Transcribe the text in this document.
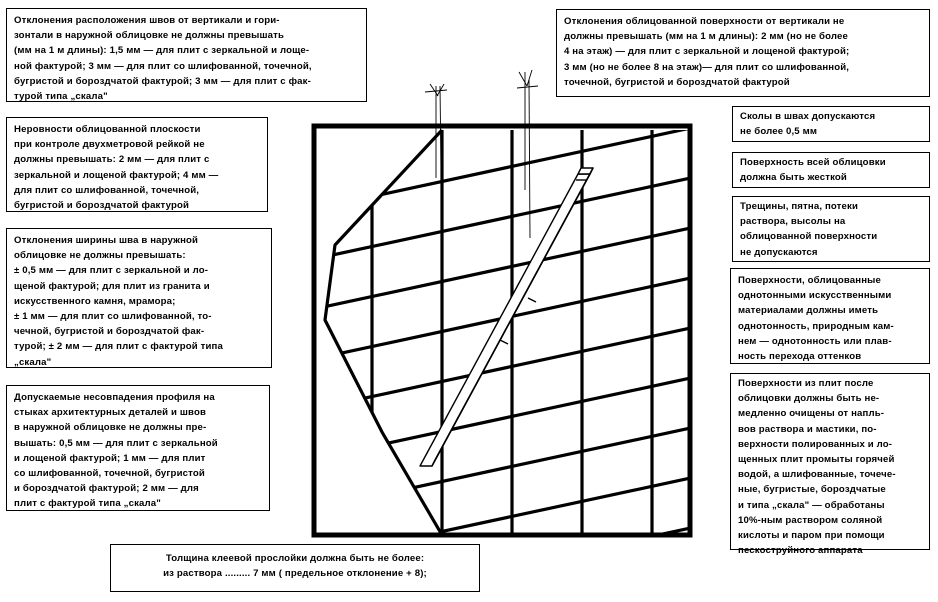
Отклонения расположения швов от вертикали и гори-
зонтали в наружной облицовке не должны превышать
(мм на 1 м длины): 1,5 мм — для плит с зеркальной и лоще-
ной фактурой; 3 мм — для плит со шлифованной, точечной,
бугристой и бороздчатой фактурой; 3 мм — для плит с фак-
турой типа „скала"
Неровности облицованной плоскости
при контроле двухметровой рейкой не
должны превышать: 2 мм — для плит с
зеркальной и лощеной фактурой; 4 мм —
для плит со шлифованной, точечной,
бугристой и бороздчатой фактурой
Отклонения ширины шва в наружной
облицовке не должны превышать:
± 0,5 мм — для плит с зеркальной и ло-
щеной фактурой; для плит из гранита и
искусственного камня, мрамора;
± 1 мм — для плит со шлифованной, то-
чечной, бугристой и бороздчатой фак-
турой; ± 2 мм — для плит с фактурой типа
„скала"
Допускаемые несовпадения профиля на
стыках архитектурных деталей и швов
в наружной облицовке не должны пре-
вышать: 0,5 мм — для плит с зеркальной
и лощеной фактурой; 1 мм — для плит
со шлифованной, точечной, бугристой
и бороздчатой фактурой; 2 мм — для
плит с фактурой типа „скала"
Толщина клеевой прослойки должна быть не более:
из раствора ......... 7 мм ( предельное отклонение + 8);
Отклонения облицованной поверхности от вертикали не
должны превышать (мм на 1 м длины): 2 мм (но не более
4 на этаж) — для плит с зеркальной и лощеной фактурой;
3 мм (но не более 8 на этаж)— для плит со шлифованной,
точечной, бугристой и бороздчатой фактурой
Сколы в швах допускаются
не более 0,5 мм
Поверхность всей облицовки
должна быть жесткой
Трещины, пятна, потеки
раствора, высолы на
облицованной поверхности
не допускаются
Поверхности, облицованные
однотонными искусственными
материалами должны иметь
однотонность, природным кам-
нем — однотонность или плав-
ность перехода оттенков
Поверхности из плит после
облицовки должны быть не-
медленно очищены от напль-
вов раствора и мастики, по-
верхности полированных и ло-
щенных плит промыты горячей
водой, а шлифованные, точече-
ные, бугристые, бороздчатые
и типа „скала" — обработаны
10%-ным раствором соляной
кислоты и паром при помощи
пескоструйного аппарата
